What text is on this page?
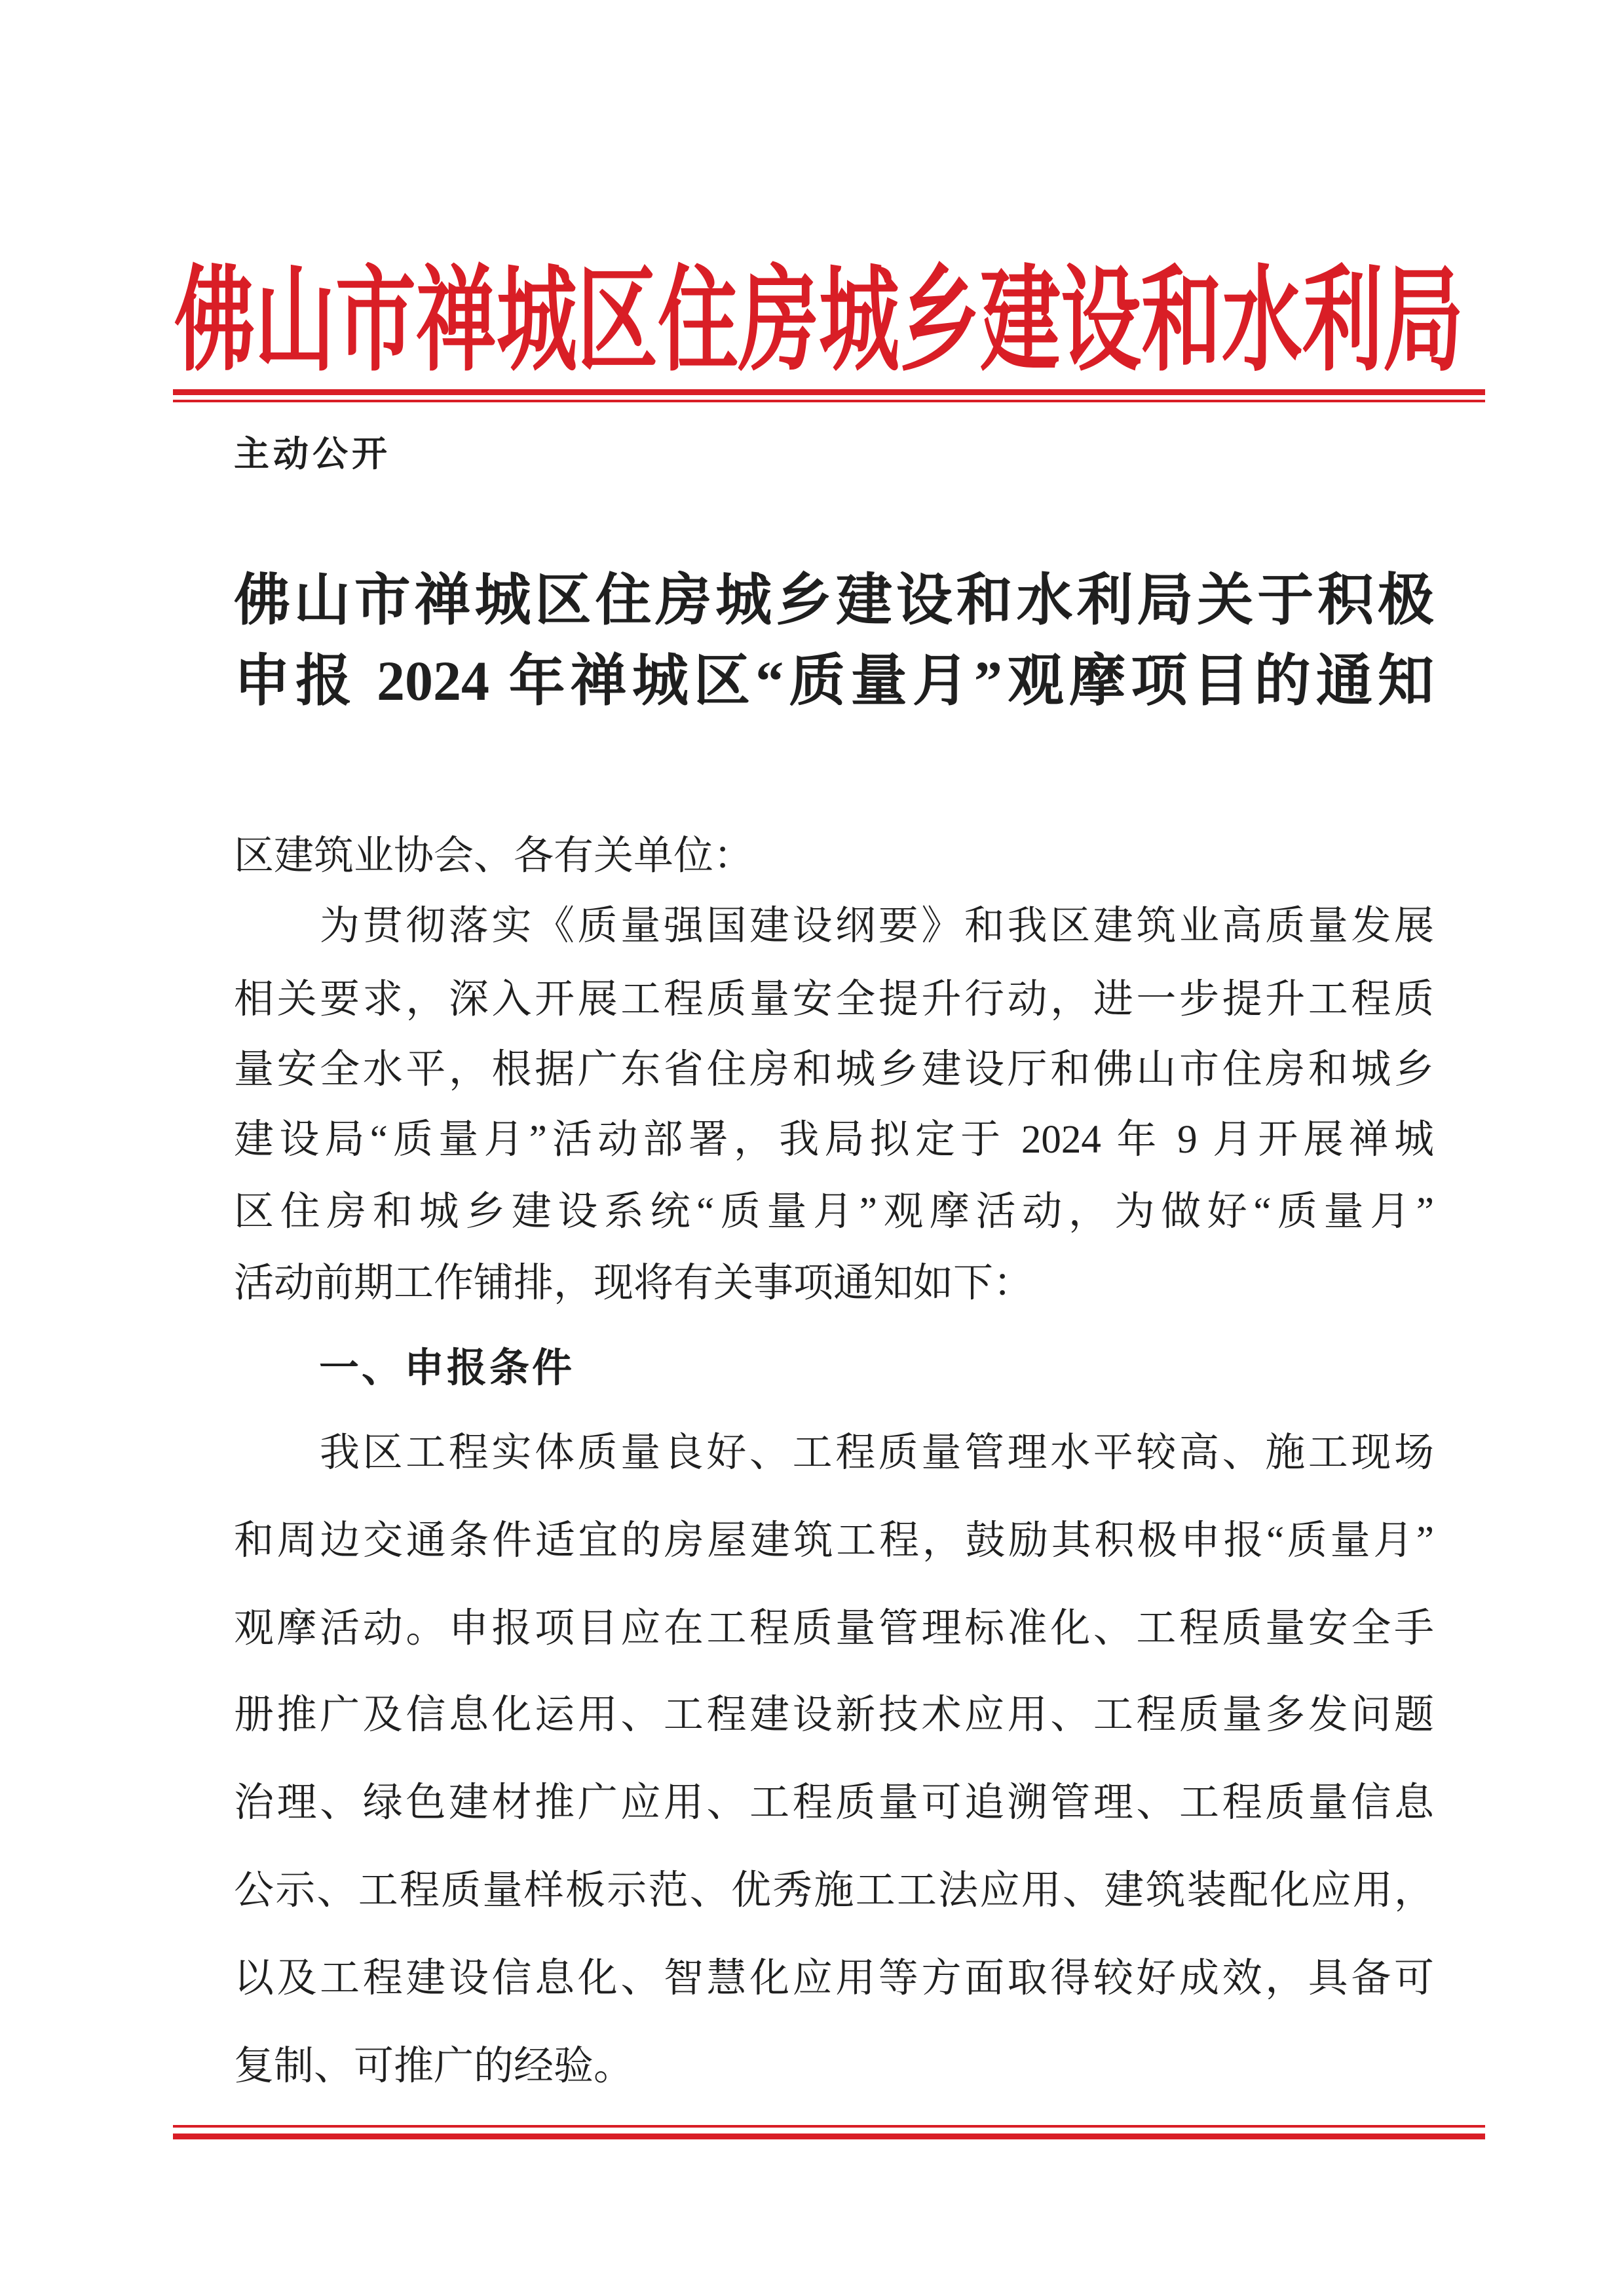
佛山市禅城区住房城乡建设和水利局
主动公开
佛山市禅城区住房城乡建设和水利局关于积极
申报 2024 年禅城区“质量月”观摩项目的通知
区建筑业协会、各有关单位：
为贯彻落实《质量强国建设纲要》和我区建筑业高质量发展
相关要求，深入开展工程质量安全提升行动，进一步提升工程质
量安全水平，根据广东省住房和城乡建设厅和佛山市住房和城乡
建设局“质量月”活动部署，我局拟定于 2024 年 9 月开展禅城
区住房和城乡建设系统“质量月”观摩活动，为做好“质量月”
活动前期工作铺排，现将有关事项通知如下：
一、申报条件
我区工程实体质量良好、工程质量管理水平较高、施工现场
和周边交通条件适宜的房屋建筑工程，鼓励其积极申报“质量月”
观摩活动。申报项目应在工程质量管理标准化、工程质量安全手
册推广及信息化运用、工程建设新技术应用、工程质量多发问题
治理、绿色建材推广应用、工程质量可追溯管理、工程质量信息
公示、工程质量样板示范、优秀施工工法应用、建筑装配化应用，
以及工程建设信息化、智慧化应用等方面取得较好成效，具备可
复制、可推广的经验。
